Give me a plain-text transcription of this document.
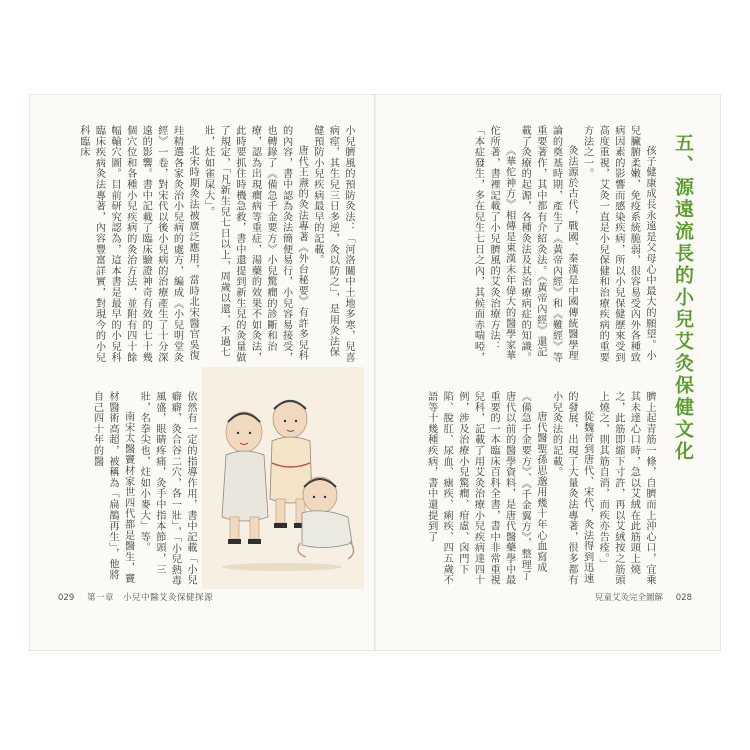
五、源遠流長的小兒艾灸保健文化

孩子健康成長永遠是父母心中最大的願望。小兒臟腑柔嫩，免疫系統脆弱，很容易受內外各種致病因素的影響而感染疾病，所以小兒保健歷來受到高度重視，艾灸一直是小兒保健和治療疾病的重要方法之一。

灸法源於古代，戰國、秦漢是中國傳統醫學理論的奠基時期，產生了《黃帝內經》和《難經》等重要著作，其中都有介紹灸法。《黃帝內經》還記載了灸療的起源，各種灸法及其治療病症的知識。

《華佗神方》相傳是東漢末年偉大的醫學家華佗所著，書裡記載了小兒臍風的艾灸治療方法：「本症發生，多在兒生七日之內，其候面赤喘啞，

臍上起青筋一條，自臍而上沖心口，宜乘其未達心口時，急以艾絨在此筋頭上燒之，此筋即縮下寸許，再以艾絨按之筋頭上燒之，則其筋自消，而疾亦告痊。」

從魏晉到唐代、宋代，灸法得到迅速的發展，出現了大量灸法專著，很多都有小兒灸法的記載。

唐代醫聖孫思邈用幾十年心血寫成《備急千金要方》、《千金翼方》，整理了唐代以前的醫學資料，是唐代醫藥學中最重要的一本臨床百科全書，書中非常重視兒科，記載了用艾灸治療小兒疾病達四十例，涉及治療小兒驚癎、疳虛、囟門下陷、脫肛、尿血、瘧疾、痢疾、四五歲不語等十幾種疾病，書中還提到了

小兒臍風的預防灸法：「河洛關中土地多寒，兒喜病痙，其生兒三日多逆，灸以防之」，是用灸法保健預防小兒疾病最早的記載。

唐代王燾的灸法專著《外台秘要》有許多兒科的內容，書中認為灸法簡便易行，小兒容易接受，也轉錄了《備急千金要方》小兒驚癎的診斷和治療，認為出現癎病等重症，湯藥的效果不如灸法，此時要抓住時機急救，書中還提到新生兒的灸量做了規定，「凡新生兒七日以上，周歲以還，不過七壯，炷如雀屎大」。

北宋時期灸法被廣泛應用，當時北宋醫官吳復珪精選各家灸治小兒病的處方，編成《小兒明堂灸經》一卷，對宋代以後小兒病的治療產生了十分深遠的影響。書中記載了臨床驗證神奇有效的七十幾個穴位和各種小兒疾病的灸治方法，並附有四十餘幅輸穴圖。目前研究認為，這本書是最早的小兒科臨床疾病灸法專著，內容豐富詳實，對現今的小兒科臨床

依然有一定的指導作用，書中記載「小兒癖癖，灸合谷二穴，各一壯」，「小兒熱毒風盛，眼睛疼痛，灸手中指本節頭，三壯，名拳尖也，炷如小麥大」等。

南宋太醫竇材家世四代都是醫生，竇材醫術高超，被稱為「扁鵲再生」，他將自己四十年的醫

029 第一章　小兒中醫艾灸保健探源	兒童艾灸完全圖解 028
